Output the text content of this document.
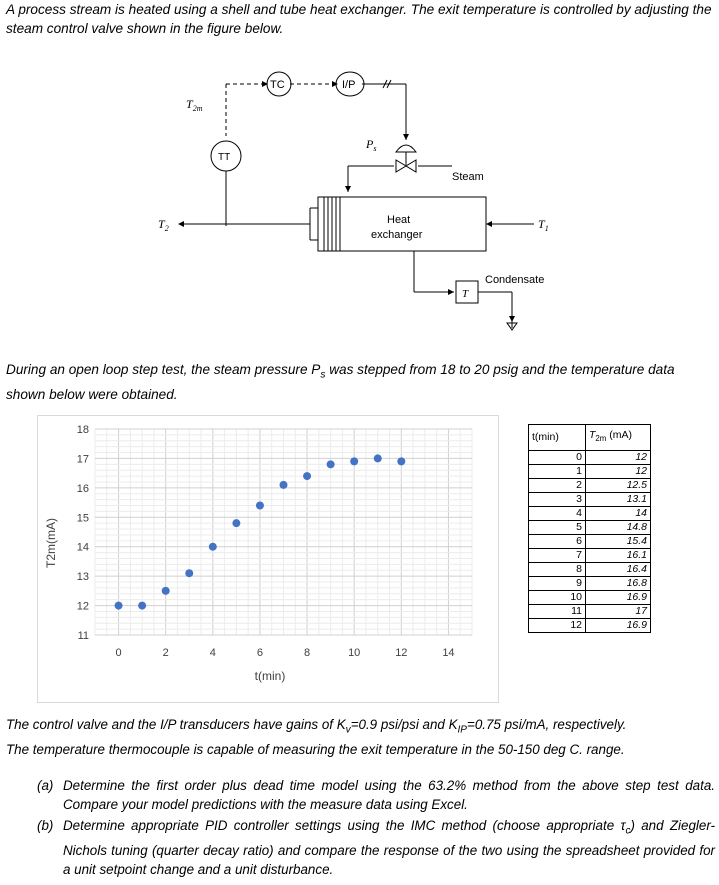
A process stream is heated using a shell and tube heat exchanger. The exit temperature is controlled by adjusting the steam control valve shown in the figure below.
TC	I/P
TT
$T_{2m}$
$P_s$
Steam
Heat
exchanger
$T_2$	$T_1$
T
Condensate
During an open loop step test, the steam pressure $P_s$ was stepped from 18 to 20 psig and the temperature data shown below were obtained.
11
12
13
14
15
16
17
18
0	2	4	6	8	10	12	14
t(min)
T2m(mA)
t(min)	$T_{2m}$ (mA)
0	12
1	12
2	12.5
3	13.1
4	14
5	14.8
6	15.4
7	16.1
8	16.4
9	16.8
10	16.9
11	17
12	16.9
The control valve and the I/P transducers have gains of $K_v=0.9$ psi/psi and $K_{IP}=0.75$ psi/mA, respectively.
The temperature thermocouple is capable of measuring the exit temperature in the 50-150 deg C. range.
(a) Determine the first order plus dead time model using the 63.2% method from the above step test data. Compare your model predictions with the measure data using Excel.
(b) Determine appropriate PID controller settings using the IMC method (choose appropriate $\tau_c$) and Ziegler-Nichols tuning (quarter decay ratio) and compare the response of the two using the spreadsheet provided for a unit setpoint change and a unit disturbance.
